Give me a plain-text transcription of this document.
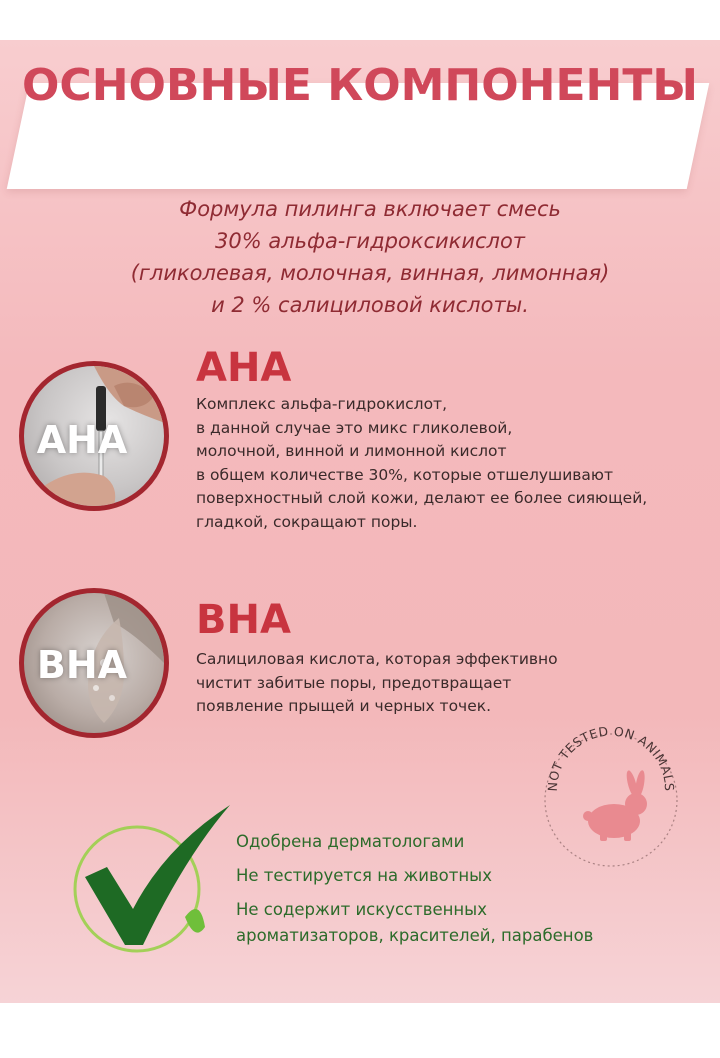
ОСНОВНЫЕ КОМПОНЕНТЫ
Формула пилинга включает смесь
30% альфа-гидроксикислот
(гликолевая, молочная, винная, лимонная)
и 2 % салициловой кислоты.
AHA
АНА
Комплекс альфа-гидрокислот,
в данной случае это микс гликолевой,
молочной, винной и лимонной кислот
в общем количестве 30%, которые отшелушивают
поверхностный слой кожи, делают ее более сияющей,
гладкой, сокращают поры.
BHA
ВНА
Салициловая кислота, которая эффективно
чистит забитые поры, предотвращает
появление прыщей и черных точек.
NOT TESTED ON ANIMALS
Одобрена дерматологами
Не тестируется на животных
Не содержит искусственных
ароматизаторов, красителей, парабенов
